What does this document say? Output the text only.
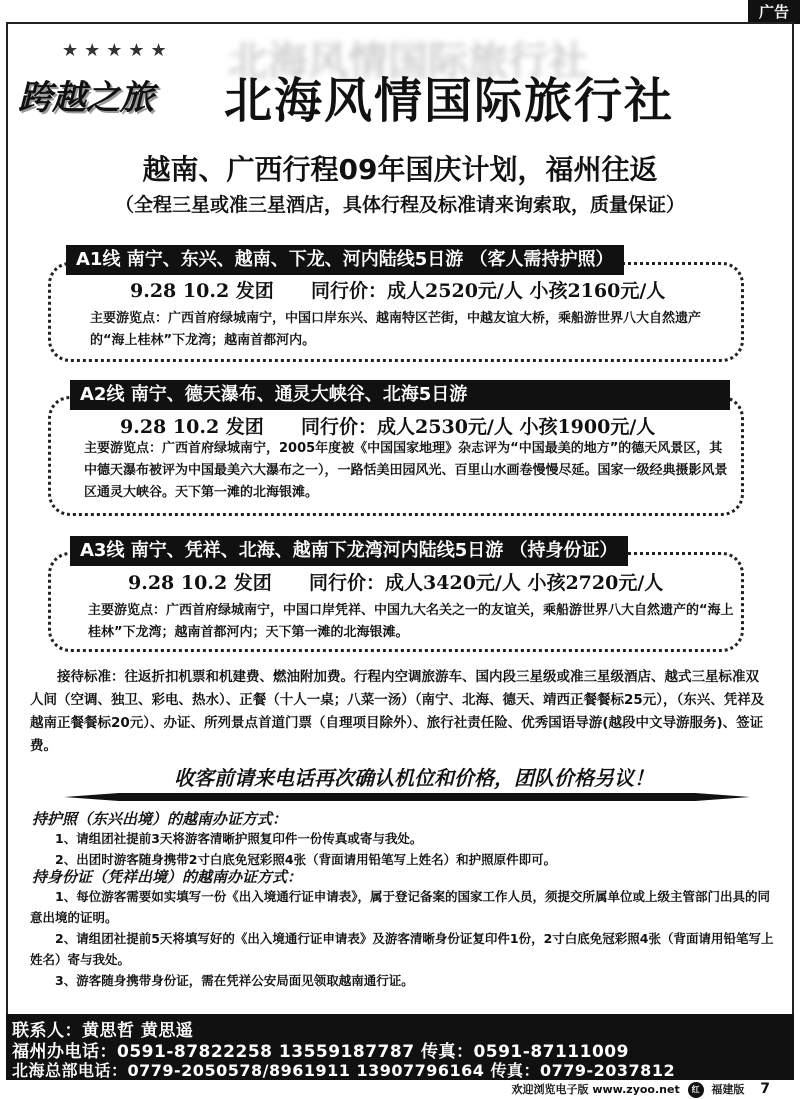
广告
★★★★★
跨越之旅
北海风情国际旅行社
北海风情国际旅行社
越南、广西行程09年国庆计划，福州往返
（全程三星或准三星酒店，具体行程及标准请来询索取，质量保证）
A1线 南宁、东兴、越南、下龙、河内陆线5日游 （客人需持护照）
9.28 10.2 发团 同行价：成人2520元/人 小孩2160元/人
主要游览点：广西首府绿城南宁，中国口岸东兴、越南特区芒街，中越友谊大桥，乘船游世界八大自然遗产的“海上桂林”下龙湾；越南首都河内。
A2线 南宁、德天瀑布、通灵大峡谷、北海5日游
9.28 10.2 发团 同行价：成人2530元/人 小孩1900元/人
主要游览点：广西首府绿城南宁，2005年度被《中国国家地理》杂志评为“中国最美的地方”的德天风景区，其中德天瀑布被评为中国最美六大瀑布之一），一路恬美田园风光、百里山水画卷慢慢尽延。国家一级经典摄影风景区通灵大峡谷。天下第一滩的北海银滩。
A3线 南宁、凭祥、北海、越南下龙湾河内陆线5日游 （持身份证）
9.28 10.2 发团 同行价：成人3420元/人 小孩2720元/人
主要游览点：广西首府绿城南宁，中国口岸凭祥、中国九大名关之一的友谊关，乘船游世界八大自然遗产的“海上桂林”下龙湾；越南首都河内；天下第一滩的北海银滩。
接待标准：往返折扣机票和机建费、燃油附加费。行程内空调旅游车、国内段三星级或准三星级酒店、越式三星标准双人间（空调、独卫、彩电、热水）、正餐（十人一桌；八菜一汤）（南宁、北海、德天、靖西正餐餐标25元），（东兴、凭祥及越南正餐餐标20元）、办证、所列景点首道门票（自理项目除外）、旅行社责任险、优秀国语导游(越段中文导游服务)、签证费。
收客前请来电话再次确认机位和价格，团队价格另议！
持护照（东兴出境）的越南办证方式：
1、请组团社提前3天将游客清晰护照复印件一份传真或寄与我处。
2、出团时游客随身携带2寸白底免冠彩照4张（背面请用铅笔写上姓名）和护照原件即可。
持身份证（凭祥出境）的越南办证方式：
1、每位游客需要如实填写一份《出入境通行证申请表》，属于登记备案的国家工作人员，须提交所属单位或上级主管部门出具的同意出境的证明。
2、请组团社提前5天将填写好的《出入境通行证申请表》及游客清晰身份证复印件1份，2寸白底免冠彩照4张（背面请用铅笔写上姓名）寄与我处。
3、游客随身携带身份证，需在凭祥公安局面见领取越南通行证。
联系人：黄思哲 黄思遥
福州办电话：0591-87822258 13559187787 传真：0591-87111009
北海总部电话：0779-2050578/8961911 13907796164 传真：0779-2037812
欢迎浏览电子版 www.zyoo.net 红 福建版 7
